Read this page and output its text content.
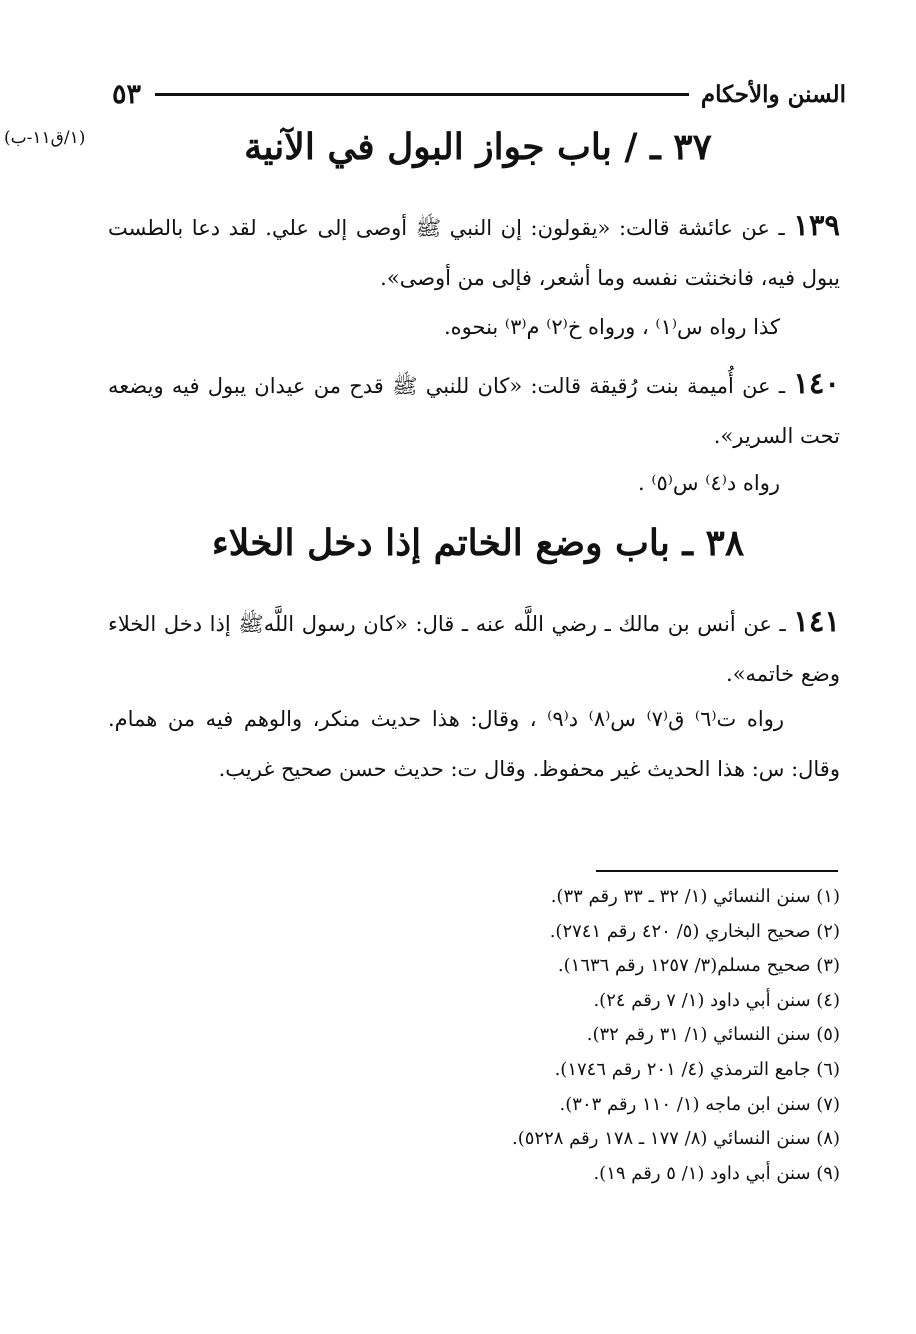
السنن والأحكام
٥٣
(١/ق١١-ب)	٣٧ ـ / باب جواز البول في الآنية

١٣٩ ـ عن عائشة قالت: «يقولون: إن النبي ﷺ أوصى إلى علي. لقد دعا بالطست يبول فيه، فانخنثت نفسه وما أشعر، فإلى من أوصى».

كذا رواه س⁽١⁾ ، ورواه خ⁽٢⁾ م⁽٣⁾ بنحوه.

١٤٠ ـ عن أُميمة بنت رُقيقة قالت: «كان للنبي ﷺ قدح من عيدان يبول فيه ويضعه تحت السرير».

رواه د⁽٤⁾ س⁽٥⁾ .

٣٨ ـ باب وضع الخاتم إذا دخل الخلاء

١٤١ ـ عن أنس بن مالك ـ رضي اللَّه عنه ـ قال: «كان رسول اللَّهﷺ إذا دخل الخلاء وضع خاتمه».

رواه ت⁽٦⁾ ق⁽٧⁾ س⁽٨⁾ د⁽٩⁾ ، وقال: هذا حديث منكر، والوهم فيه من همام. وقال: س: هذا الحديث غير محفوظ. وقال ت: حديث حسن صحيح غريب.

(١) سنن النسائي (١/ ٣٢ ـ ٣٣ رقم ٣٣).
(٢) صحيح البخاري (٥/ ٤٢٠ رقم ٢٧٤١).
(٣) صحيح مسلم(٣/ ١٢٥٧ رقم ١٦٣٦).
(٤) سنن أبي داود (١/ ٧ رقم ٢٤).
(٥) سنن النسائي (١/ ٣١ رقم ٣٢).
(٦) جامع الترمذي (٤/ ٢٠١ رقم ١٧٤٦).
(٧) سنن ابن ماجه (١/ ١١٠ رقم ٣٠٣).
(٨) سنن النسائي (٨/ ١٧٧ ـ ١٧٨ رقم ٥٢٢٨).
(٩) سنن أبي داود (١/ ٥ رقم ١٩).
